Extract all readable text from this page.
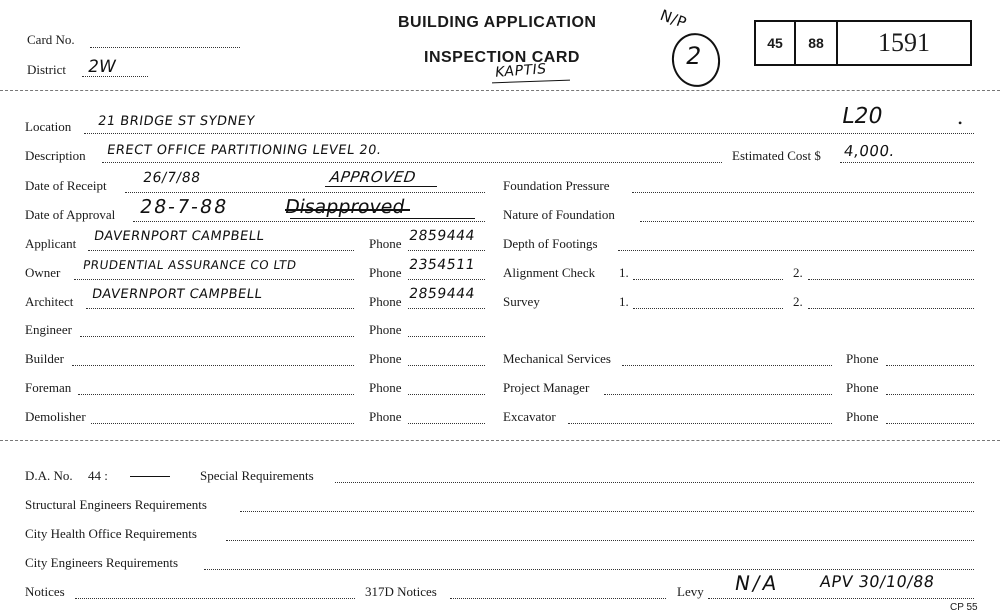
Card No.
District 2W
BUILDING APPLICATION
INSPECTION CARD
KAPTIS
N/P
2	45	88	1591
Location 21 BRIDGE ST SYDNEY	L20	•
Description ERECT OFFICE PARTITIONING LEVEL 20.	Estimated Cost $ 4,000.
Date of Receipt	26/7/88	APPROVED
Date of Approval 28-7-88	Disapproved
Applicant DAVERNPORT CAMPBELL	Phone 2859444
Owner PRUDENTIAL ASSURANCE CO LTD	Phone 2354511
Architect DAVERNPORT CAMPBELL	Phone 2859444
Engineer	Phone
Builder	Phone
Foreman	Phone
Demolisher	Phone
Foundation Pressure
Nature of Foundation
Depth of Footings
Alignment Check 1.	2.
Survey	1.	2.
Mechanical Services	Phone
Project Manager	Phone
Excavator	Phone
D.A. No. 44 :	Special Requirements
Structural Engineers Requirements
City Health Office Requirements
City Engineers Requirements
Notices	317D Notices	Levy N/A APV 30/10/88
CP 55
